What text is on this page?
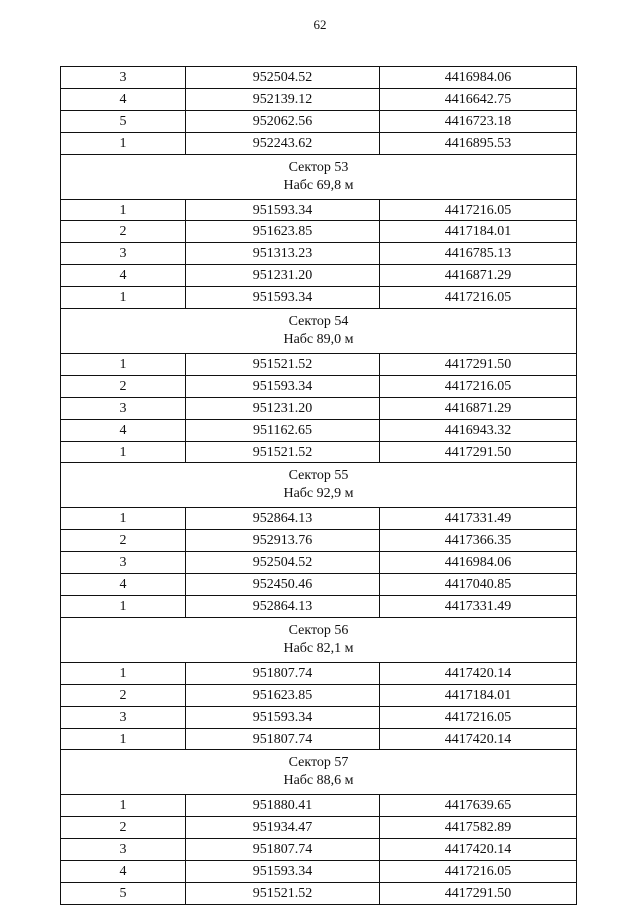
62
3	952504.52	4416984.06
4	952139.12	4416642.75
5	952062.56	4416723.18
1	952243.62	4416895.53

Сектор 53
Набс 69,8 м		

1	951593.34	4417216.05
2	951623.85	4417184.01
3	951313.23	4416785.13
4	951231.20	4416871.29
1	951593.34	4417216.05

Сектор 54
Набс 89,0 м		

1	951521.52	4417291.50
2	951593.34	4417216.05
3	951231.20	4416871.29
4	951162.65	4416943.32
1	951521.52	4417291.50

Сектор 55
Набс 92,9 м		

1	952864.13	4417331.49
2	952913.76	4417366.35
3	952504.52	4416984.06
4	952450.46	4417040.85
1	952864.13	4417331.49

Сектор 56
Набс 82,1 м		

1	951807.74	4417420.14
2	951623.85	4417184.01
3	951593.34	4417216.05
1	951807.74	4417420.14

Сектор 57
Набс 88,6 м		

1	951880.41	4417639.65
2	951934.47	4417582.89
3	951807.74	4417420.14
4	951593.34	4417216.05
5	951521.52	4417291.50
